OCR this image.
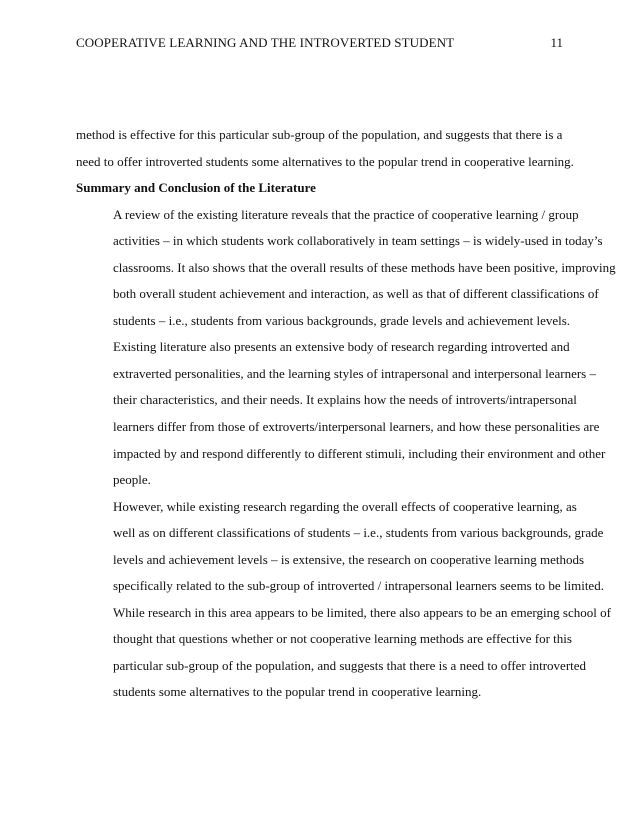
COOPERATIVE LEARNING AND THE INTROVERTED STUDENT	11

method is effective for this particular sub-group of the population, and suggests that there is a
need to offer introverted students some alternatives to the popular trend in cooperative learning.

Summary and Conclusion of the Literature

A review of the existing literature reveals that the practice of cooperative learning / group
activities – in which students work collaboratively in team settings – is widely-used in today’s
classrooms. It also shows that the overall results of these methods have been positive, improving
both overall student achievement and interaction, as well as that of different classifications of
students – i.e., students from various backgrounds, grade levels and achievement levels.

Existing literature also presents an extensive body of research regarding introverted and
extraverted personalities, and the learning styles of intrapersonal and interpersonal learners –
their characteristics, and their needs. It explains how the needs of introverts/intrapersonal
learners differ from those of extroverts/interpersonal learners, and how these personalities are
impacted by and respond differently to different stimuli, including their environment and other
people.

However, while existing research regarding the overall effects of cooperative learning, as
well as on different classifications of students – i.e., students from various backgrounds, grade
levels and achievement levels – is extensive, the research on cooperative learning methods
specifically related to the sub-group of introverted / intrapersonal learners seems to be limited.
While research in this area appears to be limited, there also appears to be an emerging school of
thought that questions whether or not cooperative learning methods are effective for this
particular sub-group of the population, and suggests that there is a need to offer introverted
students some alternatives to the popular trend in cooperative learning.
